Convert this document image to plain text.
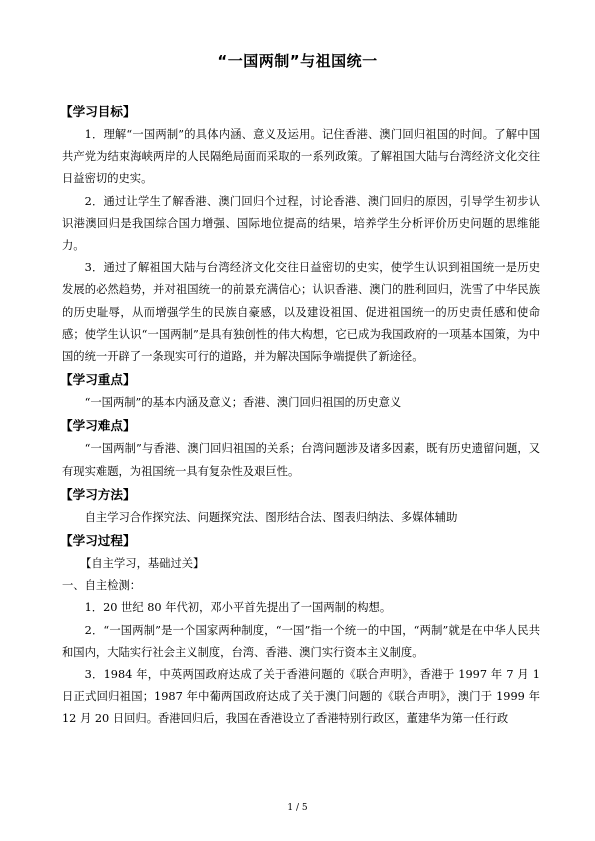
“一国两制”与祖国统一
【学习目标】

1．理解“一国两制”的具体内涵、意义及运用。记住香港、澳门回归祖国的时间。了解中国共产党为结束海峡两岸的人民隔绝局面而采取的一系列政策。了解祖国大陆与台湾经济文化交往日益密切的史实。

2．通过让学生了解香港、澳门回归个过程，讨论香港、澳门回归的原因，引导学生初步认识港澳回归是我国综合国力增强、国际地位提高的结果，培养学生分析评价历史问题的思维能力。

3．通过了解祖国大陆与台湾经济文化交往日益密切的史实，使学生认识到祖国统一是历史发展的必然趋势，并对祖国统一的前景充满信心；认识香港、澳门的胜利回归，洗雪了中华民族的历史耻辱，从而增强学生的民族自豪感，以及建设祖国、促进祖国统一的历史责任感和使命感；使学生认识“一国两制”是具有独创性的伟大构想，它已成为我国政府的一项基本国策，为中国的统一开辟了一条现实可行的道路，并为解决国际争端提供了新途径。

【学习重点】

“一国两制”的基本内涵及意义；香港、澳门回归祖国的历史意义

【学习难点】

“一国两制”与香港、澳门回归祖国的关系；台湾问题涉及诸多因素，既有历史遗留问题，又有现实难题，为祖国统一具有复杂性及艰巨性。

【学习方法】

自主学习合作探究法、问题探究法、图形结合法、图表归纳法、多媒体辅助

【学习过程】

【自主学习，基础过关】

一、自主检测：

1．20 世纪 80 年代初，邓小平首先提出了一国两制的构想。

2．“一国两制”是一个国家两种制度，“一国”指一个统一的中国，“两制”就是在中华人民共和国内，大陆实行社会主义制度，台湾、香港、澳门实行资本主义制度。

3．1984 年，中英两国政府达成了关于香港问题的《联合声明》，香港于 1997 年 7 月 1 日正式回归祖国；1987 年中葡两国政府达成了关于澳门问题的《联合声明》，澳门于 1999 年 12 月 20 日回归。香港回归后，我国在香港设立了香港特别行政区，董建华为第一任行政

1 / 5
